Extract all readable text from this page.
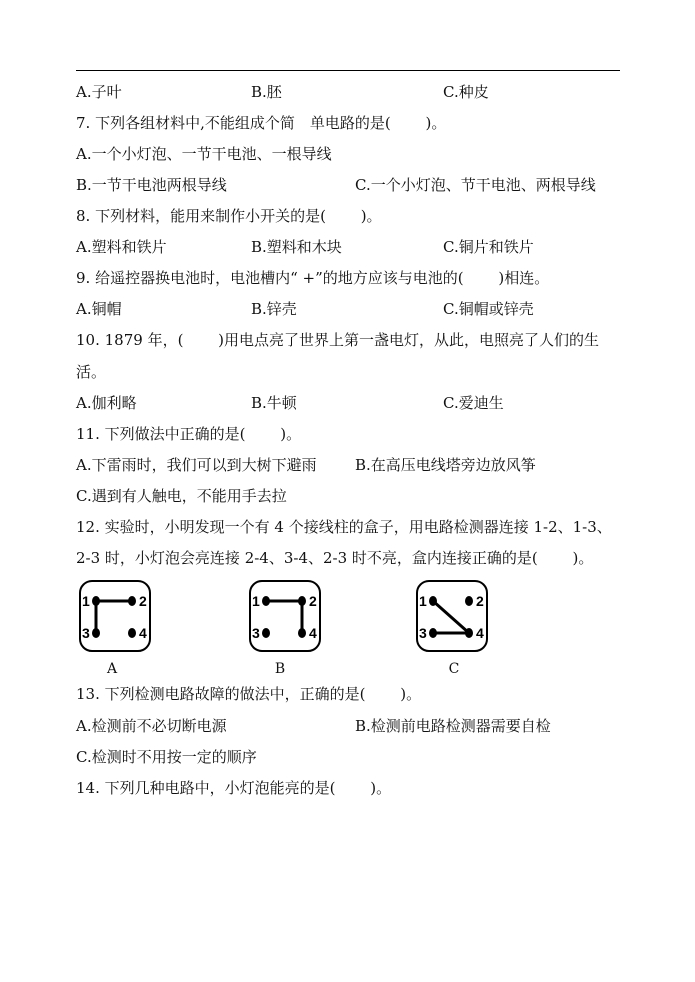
A.子叶	B.胚	C.种皮
7. 下列各组材料中,不能组成个简　单电路的是(　　 )。
A.一个小灯泡、一节干电池、一根导线
B.一节干电池两根导线	C.一个小灯泡、节干电池、两根导线
8. 下列材料，能用来制作小开关的是(　　 )。
A.塑料和铁片	B.塑料和木块	C.铜片和铁片
9. 给遥控器换电池时，电池槽内“ +”的地方应该与电池的(　　 )相连。
A.铜帽	B.锌壳	C.铜帽或锌壳
10. 1879 年，(　　 )用电点亮了世界上第一盏电灯，从此，电照亮了人们的生
活。
A.伽利略	B.牛顿	C.爱迪生
11. 下列做法中正确的是(　　 )。
A.下雷雨时，我们可以到大树下避雨	B.在高压电线塔旁边放风筝
C.遇到有人触电，不能用手去拉
12. 实验时，小明发现一个有 4 个接线柱的盒子，用电路检测器连接 1-2、1-3、
2-3 时，小灯泡会亮连接 2-4、3-4、2-3 时不亮，盒内连接正确的是(　　 )。
1	2
3	4
A
1	2
3	4
B
1	2
3	4
C
13. 下列检测电路故障的做法中，正确的是(　　 )。
A.检测前不必切断电源	B.检测前电路检测器需要自检
C.检测时不用按一定的顺序
14. 下列几种电路中，小灯泡能亮的是(　　 )。
